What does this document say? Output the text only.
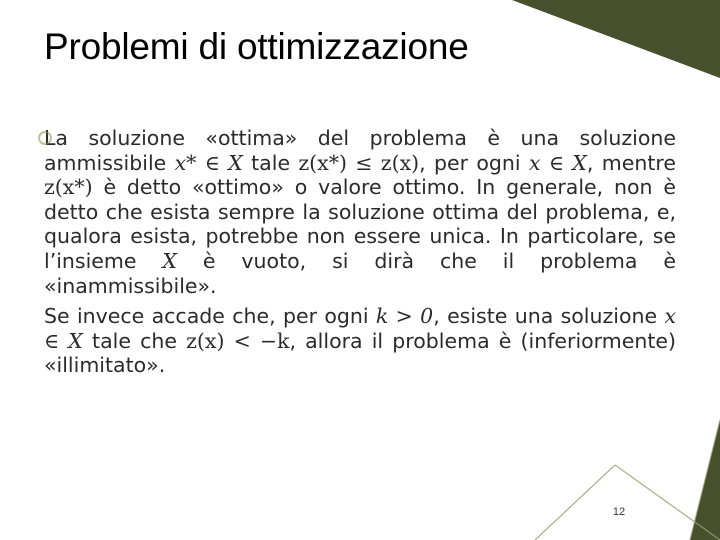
Problemi di ottimizzazione

La soluzione «ottima» del problema è una soluzione ammissibile x* ∈ X tale z(x*) ≤ z(x), per ogni x ∈ X, mentre z(x*) è detto «ottimo» o valore ottimo. In generale, non è detto che esista sempre la soluzione ottima del problema, e, qualora esista, potrebbe non essere unica. In particolare, se l’insieme X è vuoto, si dirà che il problema è «inammissibile».

Se invece accade che, per ogni k > 0, esiste una soluzione x ∈ X tale che z(x) < −k, allora il problema è (inferiormente) «illimitato».

12
